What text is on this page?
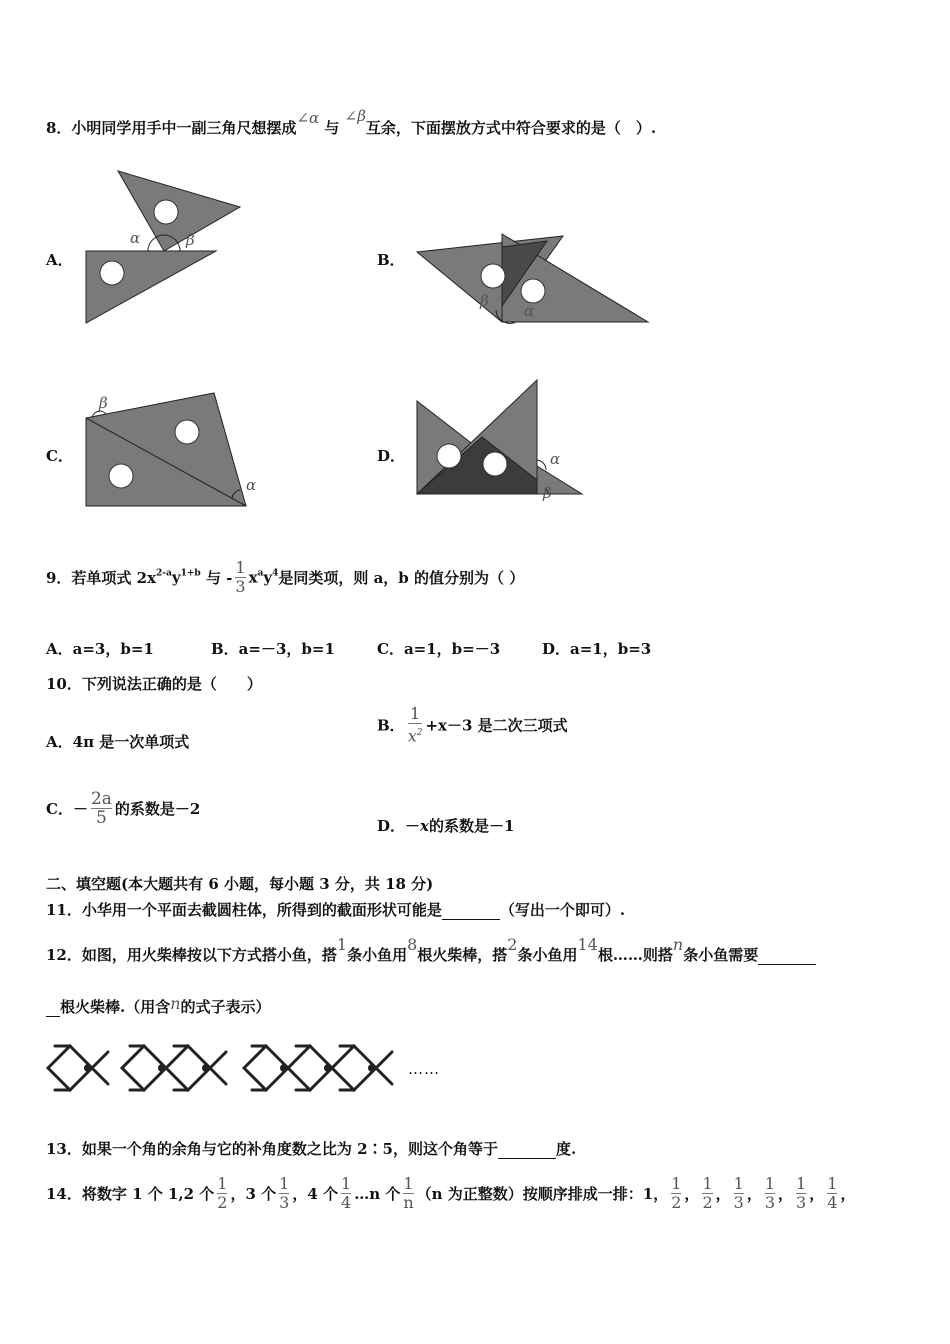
8．小明同学用手中一副三角尺想摆成∠α 与 ∠β互余，下面摆放方式中符合要求的是（　）.
A．
α	β
B．
α
β
C．
α
β
D．	α
β
9．若单项式 $2x^{2-a}y^{1+b}$ 与 - $\frac{1}{3} x^ay^4$是同类项，则 a，b 的值分别为（ ）
A．a=3，b=1	B．a=－3，b=1	C．a=1，b=－3	D．a=1，b=3
10．下列说法正确的是（　　）
A．4π 是一次单项式
B． $\frac{1}{x^2} +x-3$ 是二次三项式
C．－ $\frac{2a}{5}$ 的系数是－2
D．－x的系数是－1
二、填空题(本大题共有 6 小题，每小题 3 分，共 18 分)
11．小华用一个平面去截圆柱体，所得到的截面形状可能是	（写出一个即可）.
12．如图，用火柴棒按以下方式搭小鱼，搭1条小鱼用8根火柴棒，搭2条小鱼用14根……则搭n条小鱼需要
根火柴棒.（用含n的式子表示）
……
13．如果一个角的余角与它的补角度数之比为 2∶5，则这个角等于	度.
14．将数字 1 个 1,2 个 $\frac{1}{2}$ ，3 个 $\frac{1}{3}$ ，4 个 $\frac{1}{4}$ …n 个 $\frac{1}{n} (n$ 为正整数）按顺序排成一排：1， $\frac{1}{2}$ ， $\frac{1}{2}$ ， $\frac{1}{3}$ ， $\frac{1}{3}$ ， $\frac{1}{3}$ ， $\frac{1}{4}$ ，
